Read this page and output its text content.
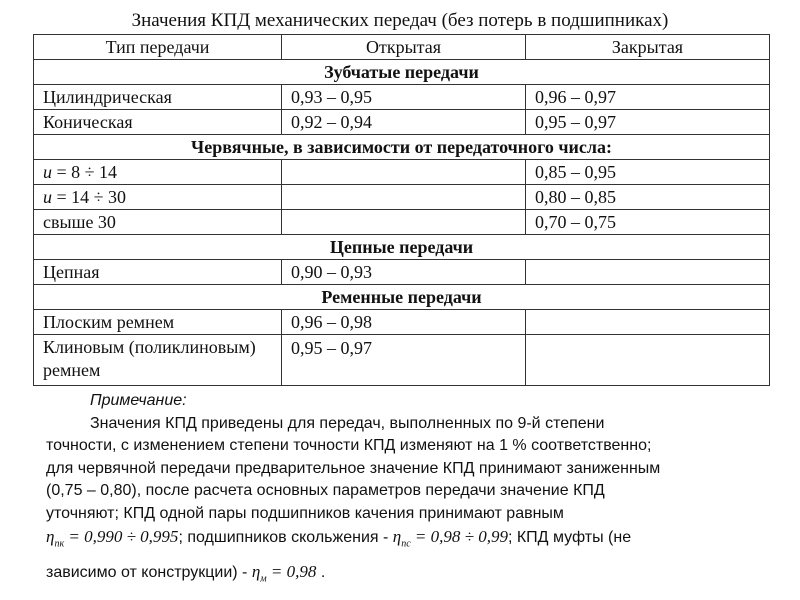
Значения КПД механических передач (без потерь в подшипниках)
Тип передачи	Открытая	Закрытая
Зубчатые передачи		
Цилиндрическая	0,93 – 0,95	0,96 – 0,97
Коническая	0,92 – 0,94	0,95 – 0,97
Червячные, в зависимости от передаточного числа:		
u = 8 ÷ 14		0,85 – 0,95
u = 14 ÷ 30		0,80 – 0,85
свыше 30		0,70 – 0,75
Цепные передачи		
Цепная	0,90 – 0,93	
Ременные передачи		
Плоским ремнем	0,96 – 0,98	
Клиновым (поликлиновым) ремнем	0,95 – 0,97	
Примечание:
Значения КПД приведены для передач, выполненных по 9-й степени
точности, с изменением степени точности КПД изменяют на 1 % соответственно;
для червячной передачи предварительное значение КПД принимают заниженным
(0,75 – 0,80), после расчета основных параметров передачи значение КПД
уточняют; КПД одной пары подшипников качения принимают равным
$\eta_{пк} = 0,990 \div 0,995$; подшипников скольжения - $\eta_{пс} = 0,98 \div 0,99$; КПД муфты (не
зависимо от конструкции) - $\eta_м = 0,98$ .
